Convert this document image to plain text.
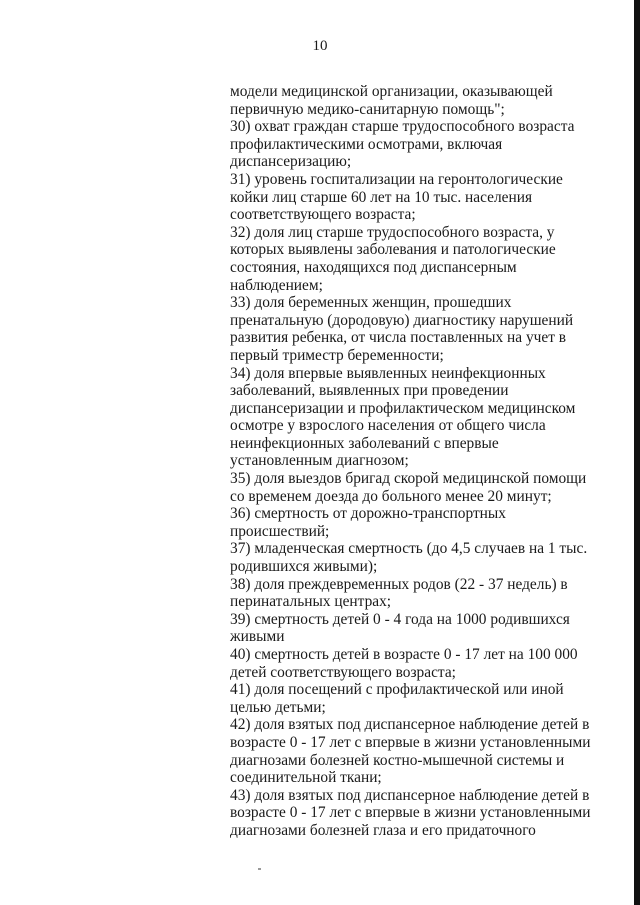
10
модели медицинской организации, оказывающей
первичную медико-санитарную помощь";
30) охват граждан старше трудоспособного возраста
профилактическими осмотрами, включая
диспансеризацию;
31) уровень госпитализации на геронтологические
койки лиц старше 60 лет на 10 тыс. населения
соответствующего возраста;
32) доля лиц старше трудоспособного возраста, у
которых выявлены заболевания и патологические
состояния, находящихся под диспансерным
наблюдением;
33) доля беременных женщин, прошедших
пренатальную (дородовую) диагностику нарушений
развития ребенка, от числа поставленных на учет в
первый триместр беременности;
34) доля впервые выявленных неинфекционных
заболеваний, выявленных при проведении
диспансеризации и профилактическом медицинском
осмотре у взрослого населения от общего числа
неинфекционных заболеваний с впервые
установленным диагнозом;
35) доля выездов бригад скорой медицинской помощи
со временем доезда до больного менее 20 минут;
36) смертность от дорожно-транспортных
происшествий;
37) младенческая смертность (до 4,5 случаев на 1 тыс.
родившихся живыми);
38) доля преждевременных родов (22 - 37 недель) в
перинатальных центрах;
39) смертность детей 0 - 4 года на 1000 родившихся
живыми
40) смертность детей в возрасте 0 - 17 лет на 100 000
детей соответствующего возраста;
41) доля посещений с профилактической или иной
целью детьми;
42) доля взятых под диспансерное наблюдение детей в
возрасте 0 - 17 лет с впервые в жизни установленными
диагнозами болезней костно-мышечной системы и
соединительной ткани;
43) доля взятых под диспансерное наблюдение детей в
возрасте 0 - 17 лет с впервые в жизни установленными
диагнозами болезней глаза и его придаточного
